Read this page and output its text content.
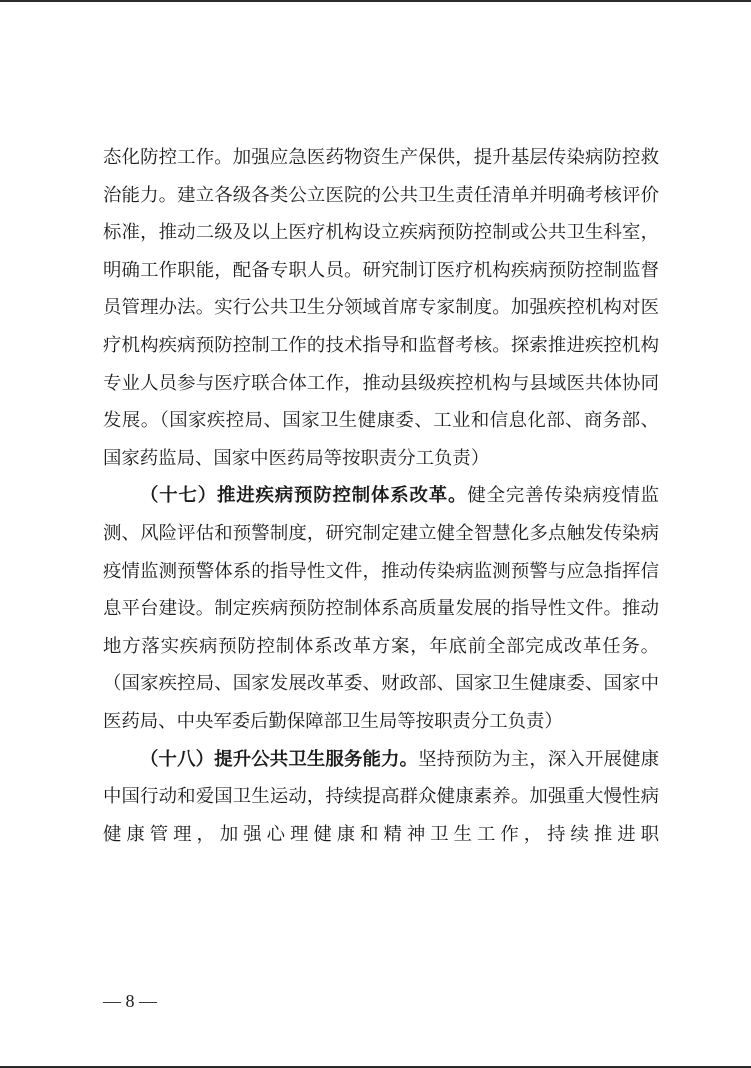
态化防控工作。加强应急医药物资生产保供，提升基层传染病防控救治能力。建立各级各类公立医院的公共卫生责任清单并明确考核评价标准，推动二级及以上医疗机构设立疾病预防控制或公共卫生科室，明确工作职能，配备专职人员。研究制订医疗机构疾病预防控制监督员管理办法。实行公共卫生分领域首席专家制度。加强疾控机构对医疗机构疾病预防控制工作的技术指导和监督考核。探索推进疾控机构专业人员参与医疗联合体工作，推动县级疾控机构与县域医共体协同发展。（国家疾控局、国家卫生健康委、工业和信息化部、商务部、国家药监局、国家中医药局等按职责分工负责）

（十七）推进疾病预防控制体系改革。健全完善传染病疫情监测、风险评估和预警制度，研究制定建立健全智慧化多点触发传染病疫情监测预警体系的指导性文件，推动传染病监测预警与应急指挥信息平台建设。制定疾病预防控制体系高质量发展的指导性文件。推动地方落实疾病预防控制体系改革方案，年底前全部完成改革任务。（国家疾控局、国家发展改革委、财政部、国家卫生健康委、国家中医药局、中央军委后勤保障部卫生局等按职责分工负责）

（十八）提升公共卫生服务能力。坚持预防为主，深入开展健康中国行动和爱国卫生运动，持续提高群众健康素养。加强重大慢性病健康管理，加强心理健康和精神卫生工作，持续推进职

— 8 —
